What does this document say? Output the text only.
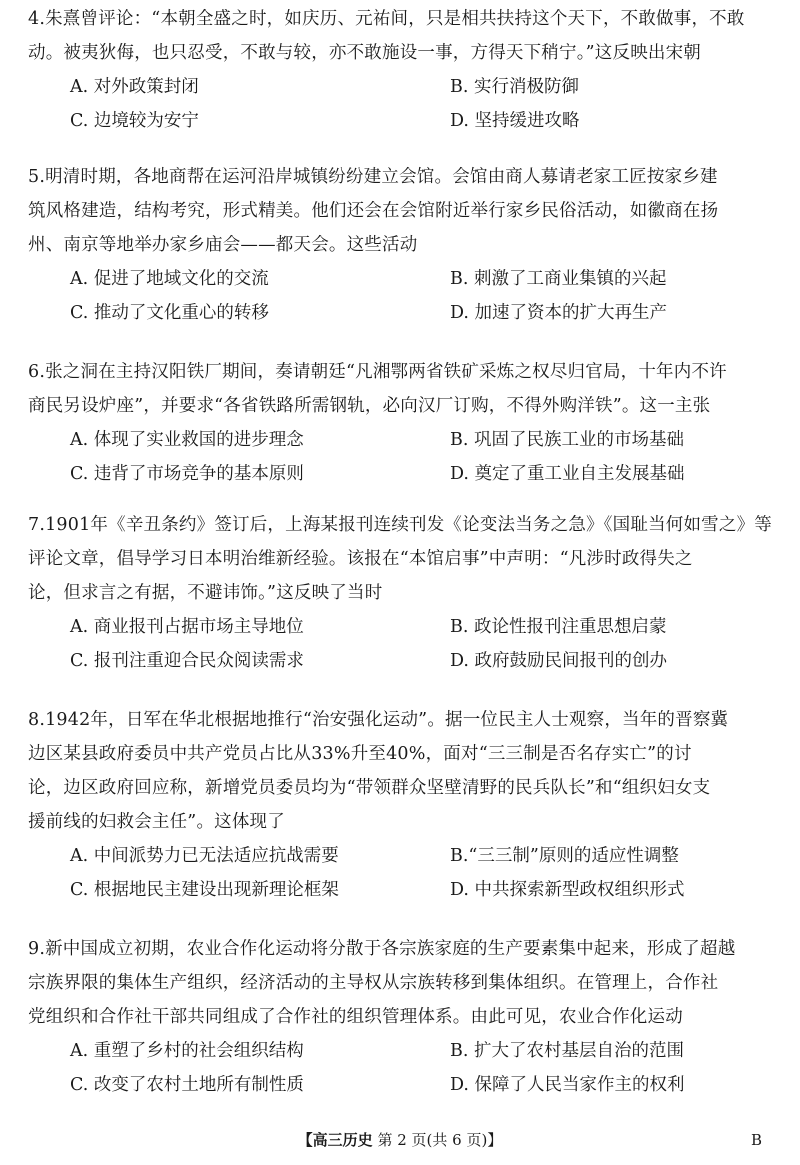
4.朱熹曾评论：“本朝全盛之时，如庆历、元祐间，只是相共扶持这个天下，不敢做事，不敢
动。被夷狄侮，也只忍受，不敢与较，亦不敢施设一事，方得天下稍宁。”这反映出宋朝
A. 对外政策封闭	B. 实行消极防御
C. 边境较为安宁	D. 坚持缓进攻略
5.明清时期，各地商帮在运河沿岸城镇纷纷建立会馆。会馆由商人募请老家工匠按家乡建
筑风格建造，结构考究，形式精美。他们还会在会馆附近举行家乡民俗活动，如徽商在扬
州、南京等地举办家乡庙会——都天会。这些活动
A. 促进了地域文化的交流	B. 刺激了工商业集镇的兴起
C. 推动了文化重心的转移	D. 加速了资本的扩大再生产
6.张之洞在主持汉阳铁厂期间，奏请朝廷“凡湘鄂两省铁矿采炼之权尽归官局，十年内不许
商民另设炉座”，并要求“各省铁路所需钢轨，必向汉厂订购，不得外购洋铁”。这一主张
A. 体现了实业救国的进步理念	B. 巩固了民族工业的市场基础
C. 违背了市场竞争的基本原则	D. 奠定了重工业自主发展基础
7.1901年《辛丑条约》签订后，上海某报刊连续刊发《论变法当务之急》《国耻当何如雪之》等
评论文章，倡导学习日本明治维新经验。该报在“本馆启事”中声明：“凡涉时政得失之
论，但求言之有据，不避讳饰。”这反映了当时
A. 商业报刊占据市场主导地位	B. 政论性报刊注重思想启蒙
C. 报刊注重迎合民众阅读需求	D. 政府鼓励民间报刊的创办
8.1942年，日军在华北根据地推行“治安强化运动”。据一位民主人士观察，当年的晋察冀
边区某县政府委员中共产党员占比从33%升至40%，面对“三三制是否名存实亡”的讨
论，边区政府回应称，新增党员委员均为“带领群众坚壁清野的民兵队长”和“组织妇女支
援前线的妇救会主任”。这体现了
A. 中间派势力已无法适应抗战需要	B.“三三制”原则的适应性调整
C. 根据地民主建设出现新理论框架	D. 中共探索新型政权组织形式
9.新中国成立初期，农业合作化运动将分散于各宗族家庭的生产要素集中起来，形成了超越
宗族界限的集体生产组织，经济活动的主导权从宗族转移到集体组织。在管理上，合作社
党组织和合作社干部共同组成了合作社的组织管理体系。由此可见，农业合作化运动
A. 重塑了乡村的社会组织结构	B. 扩大了农村基层自治的范围
C. 改变了农村土地所有制性质	D. 保障了人民当家作主的权利
【高三历史 第 2 页(共 6 页)】	B
